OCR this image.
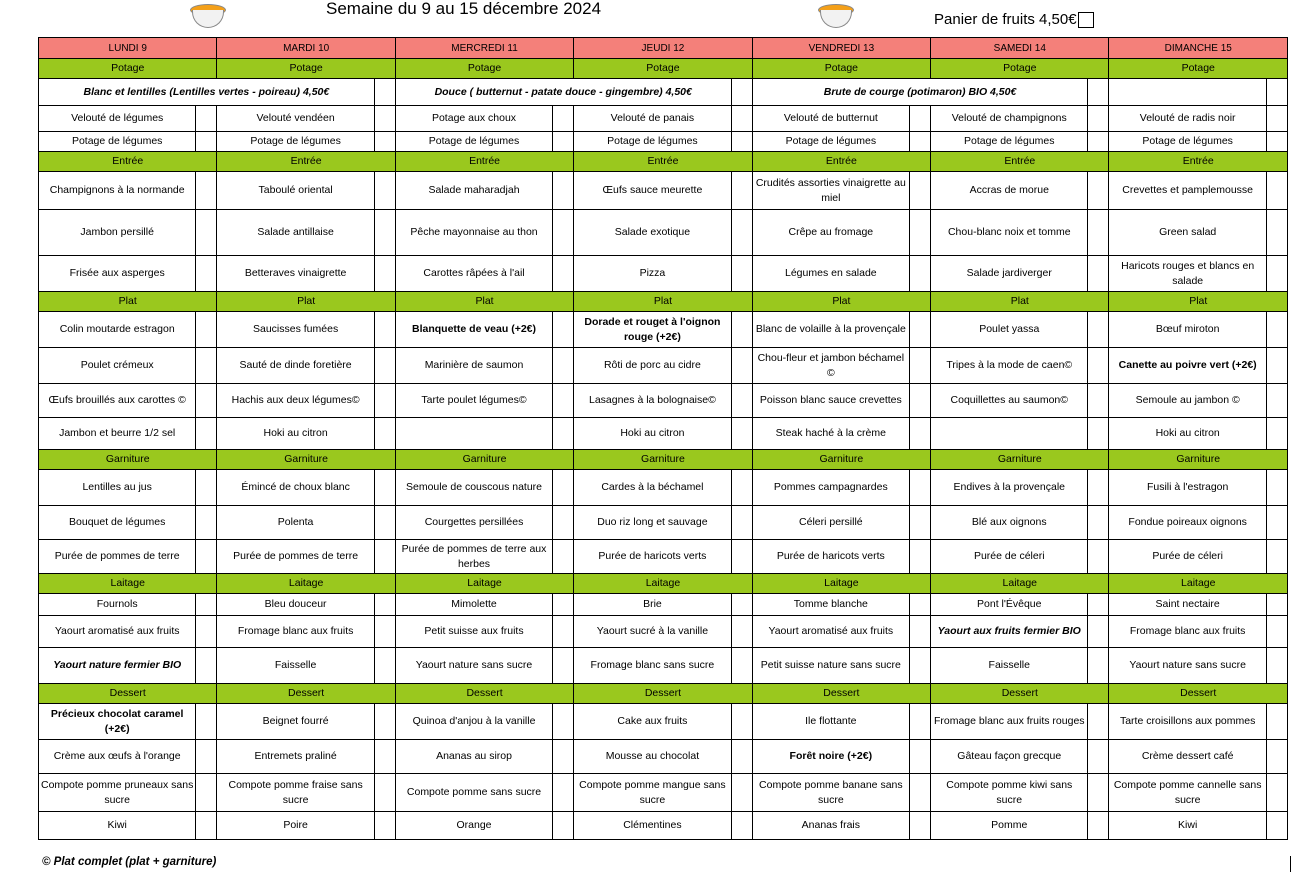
Semaine du 9 au 15 décembre 2024
Panier de fruits 4,50€
LUNDI 9		MARDI 10		MERCREDI 11		JEUDI 12		VENDREDI 13		SAMEDI 14		DIMANCHE 15	
Potage		Potage		Potage		Potage		Potage		Potage		Potage	
Blanc et lentilles (Lentilles vertes - poireau) 4,50€				Douce ( butternut - patate douce - gingembre) 4,50€				Brute de courge (potimaron) BIO 4,50€					
Velouté de légumes		Velouté vendéen		Potage aux choux		Velouté de panais		Velouté de butternut		Velouté de champignons		Velouté de radis noir	
Potage de légumes		Potage de légumes		Potage de légumes		Potage de légumes		Potage de légumes		Potage de légumes		Potage de légumes	
Entrée		Entrée		Entrée		Entrée		Entrée		Entrée		Entrée	
Champignons à la normande		Taboulé oriental		Salade maharadjah		Œufs sauce meurette		Crudités assorties vinaigrette au miel		Accras de morue		Crevettes et pamplemousse	
Jambon persillé		Salade antillaise		Pêche mayonnaise au thon		Salade exotique		Crêpe au fromage		Chou-blanc noix et tomme		Green salad	
Frisée aux asperges		Betteraves vinaigrette		Carottes râpées à l'ail		Pizza		Légumes en salade		Salade jardiverger		Haricots rouges et blancs en salade	
Plat		Plat		Plat		Plat		Plat		Plat		Plat	
Colin moutarde estragon		Saucisses fumées		Blanquette de veau (+2€)		Dorade et rouget à l'oignon rouge (+2€)		Blanc de volaille à la provençale		Poulet yassa		Bœuf miroton	
Poulet crémeux		Sauté de dinde foretière		Marinière de saumon		Rôti de porc au cidre		Chou-fleur et jambon béchamel ©		Tripes à la mode de caen©		Canette au poivre vert (+2€)	
Œufs brouillés aux carottes ©		Hachis aux deux légumes©		Tarte poulet légumes©		Lasagnes à la bolognaise©		Poisson blanc sauce crevettes		Coquillettes au saumon©		Semoule au jambon ©	
Jambon et beurre 1/2 sel		Hoki au citron				Hoki au citron		Steak haché à la crème				Hoki au citron	
Garniture		Garniture		Garniture		Garniture		Garniture		Garniture		Garniture	
Lentilles au jus		Émincé de choux blanc		Semoule de couscous nature		Cardes à la béchamel		Pommes campagnardes		Endives à la provençale		Fusili à l'estragon	
Bouquet de légumes		Polenta		Courgettes persillées		Duo riz long et sauvage		Céleri persillé		Blé aux oignons		Fondue poireaux oignons	
Purée de pommes de terre		Purée de pommes de terre		Purée de pommes de terre aux herbes		Purée de haricots verts		Purée de haricots verts		Purée de céleri		Purée de céleri	
Laitage		Laitage		Laitage		Laitage		Laitage		Laitage		Laitage	
Fournols		Bleu douceur		Mimolette		Brie		Tomme blanche		Pont l'Évêque		Saint nectaire	
Yaourt aromatisé aux fruits		Fromage blanc aux fruits		Petit suisse aux fruits		Yaourt sucré à la vanille		Yaourt aromatisé aux fruits		Yaourt aux fruits fermier BIO		Fromage blanc aux fruits	
Yaourt nature fermier BIO		Faisselle		Yaourt nature sans sucre		Fromage blanc sans sucre		Petit suisse nature sans sucre		Faisselle		Yaourt nature sans sucre	
Dessert		Dessert		Dessert		Dessert		Dessert		Dessert		Dessert	
Précieux chocolat caramel (+2€)		Beignet fourré		Quinoa d'anjou à la vanille		Cake aux fruits		Ile flottante		Fromage blanc aux fruits rouges		Tarte croisillons aux pommes	
Crème aux œufs à l'orange		Entremets praliné		Ananas au sirop		Mousse au chocolat		Forêt noire (+2€)		Gâteau façon grecque		Crème dessert café	
Compote pomme pruneaux sans sucre		Compote pomme fraise sans sucre		Compote pomme sans sucre		Compote pomme mangue sans sucre		Compote pomme banane sans sucre		Compote pomme kiwi sans sucre		Compote pomme cannelle sans sucre	
Kiwi		Poire		Orange		Clémentines		Ananas frais		Pomme		Kiwi	
© Plat complet (plat + garniture)
